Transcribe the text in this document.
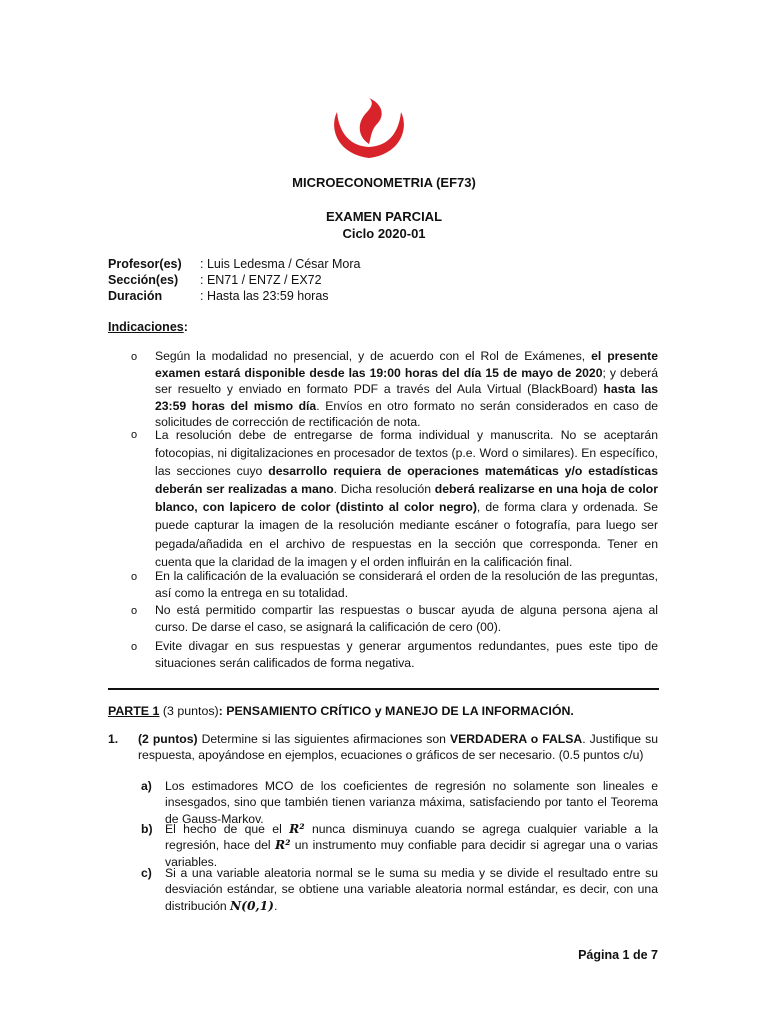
MICROECONOMETRIA (EF73)
EXAMEN PARCIAL
Ciclo 2020-01
Profesor(es) : Luis Ledesma / César Mora
Sección(es) : EN71 / EN7Z / EX72
Duración	: Hasta las 23:59 horas
Indicaciones:
o Según la modalidad no presencial, y de acuerdo con el Rol de Exámenes, el presente examen estará disponible desde las 19:00 horas del día 15 de mayo de 2020; y deberá ser resuelto y enviado en formato PDF a través del Aula Virtual (BlackBoard) hasta las 23:59 horas del mismo día. Envíos en otro formato no serán considerados en caso de solicitudes de corrección de rectificación de nota.
o La resolución debe de entregarse de forma individual y manuscrita. No se aceptarán fotocopias, ni digitalizaciones en procesador de textos (p.e. Word o similares). En específico, las secciones cuyo desarrollo requiera de operaciones matemáticas y/o estadísticas deberán ser realizadas a mano. Dicha resolución deberá realizarse en una hoja de color blanco, con lapicero de color (distinto al color negro), de forma clara y ordenada. Se puede capturar la imagen de la resolución mediante escáner o fotografía, para luego ser pegada/añadida en el archivo de respuestas en la sección que corresponda. Tener en cuenta que la claridad de la imagen y el orden influirán en la calificación final.
o En la calificación de la evaluación se considerará el orden de la resolución de las preguntas, así como la entrega en su totalidad.
o No está permitido compartir las respuestas o buscar ayuda de alguna persona ajena al curso. De darse el caso, se asignará la calificación de cero (00).
o Evite divagar en sus respuestas y generar argumentos redundantes, pues este tipo de situaciones serán calificados de forma negativa.
PARTE 1 (3 puntos): PENSAMIENTO CRÍTICO y MANEJO DE LA INFORMACIÓN.
1. (2 puntos) Determine si las siguientes afirmaciones son VERDADERA o FALSA. Justifique su respuesta, apoyándose en ejemplos, ecuaciones o gráficos de ser necesario. (0.5 puntos c/u)
a) Los estimadores MCO de los coeficientes de regresión no solamente son lineales e insesgados, sino que también tienen varianza máxima, satisfaciendo por tanto el Teorema de Gauss-Markov.
b) El hecho de que el R² nunca disminuya cuando se agrega cualquier variable a la regresión, hace del R² un instrumento muy confiable para decidir si agregar una o varias variables.
c) Si a una variable aleatoria normal se le suma su media y se divide el resultado entre su desviación estándar, se obtiene una variable aleatoria normal estándar, es decir, con una distribución N(0,1).
Página 1 de 7
